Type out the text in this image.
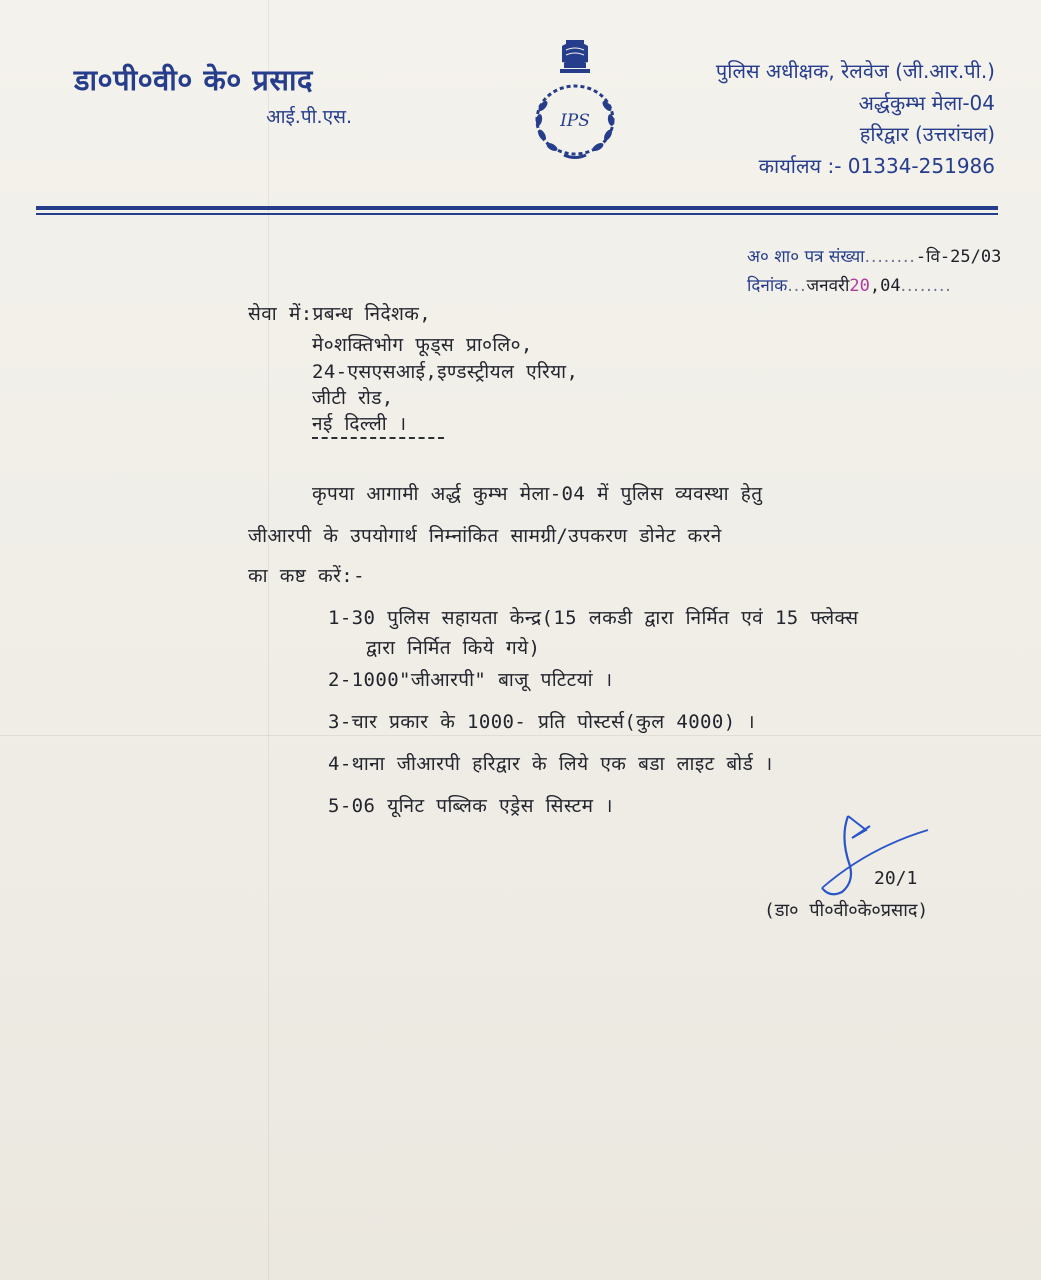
डा०पी०वी० के० प्रसाद
आई.पी.एस.	IPS
पुलिस अधीक्षक, रेलवेज (जी.आर.पी.)
अर्द्धकुम्भ मेला-04
हरिद्वार (उत्तरांचल)
कार्यालय :- 01334-251986
अ० शा० पत्र संख्या........-वि-25/03
दिनांक...जनवरी20,04........
सेवा में:प्रबन्ध निदेशक,
मे०शक्तिभोग फूड्स प्रा०लि०,
24-एसएसआई,इण्डस्ट्रीयल एरिया,
जीटी रोड,
नई दिल्ली ।
कृपया आगामी अर्द्ध कुम्भ मेला-04 में पुलिस व्यवस्था हेतु
जीआरपी के उपयोगार्थ निम्नांकित सामग्री/उपकरण डोनेट करने
का कष्ट करें:-
1-30 पुलिस सहायता केन्द्र(15 लकडी द्वारा निर्मित एवं 15 फ्लेक्स
द्वारा निर्मित किये गये)
2-1000"जीआरपी" बाजू पटिटयां ।
3-चार प्रकार के 1000- प्रति पोस्टर्स(कुल 4000) ।
4-थाना जीआरपी हरिद्वार के लिये एक बडा लाइट बोर्ड ।
5-06 यूनिट पब्लिक एड्रेस सिस्टम ।
20/1
(डा० पी०वी०के०प्रसाद)
